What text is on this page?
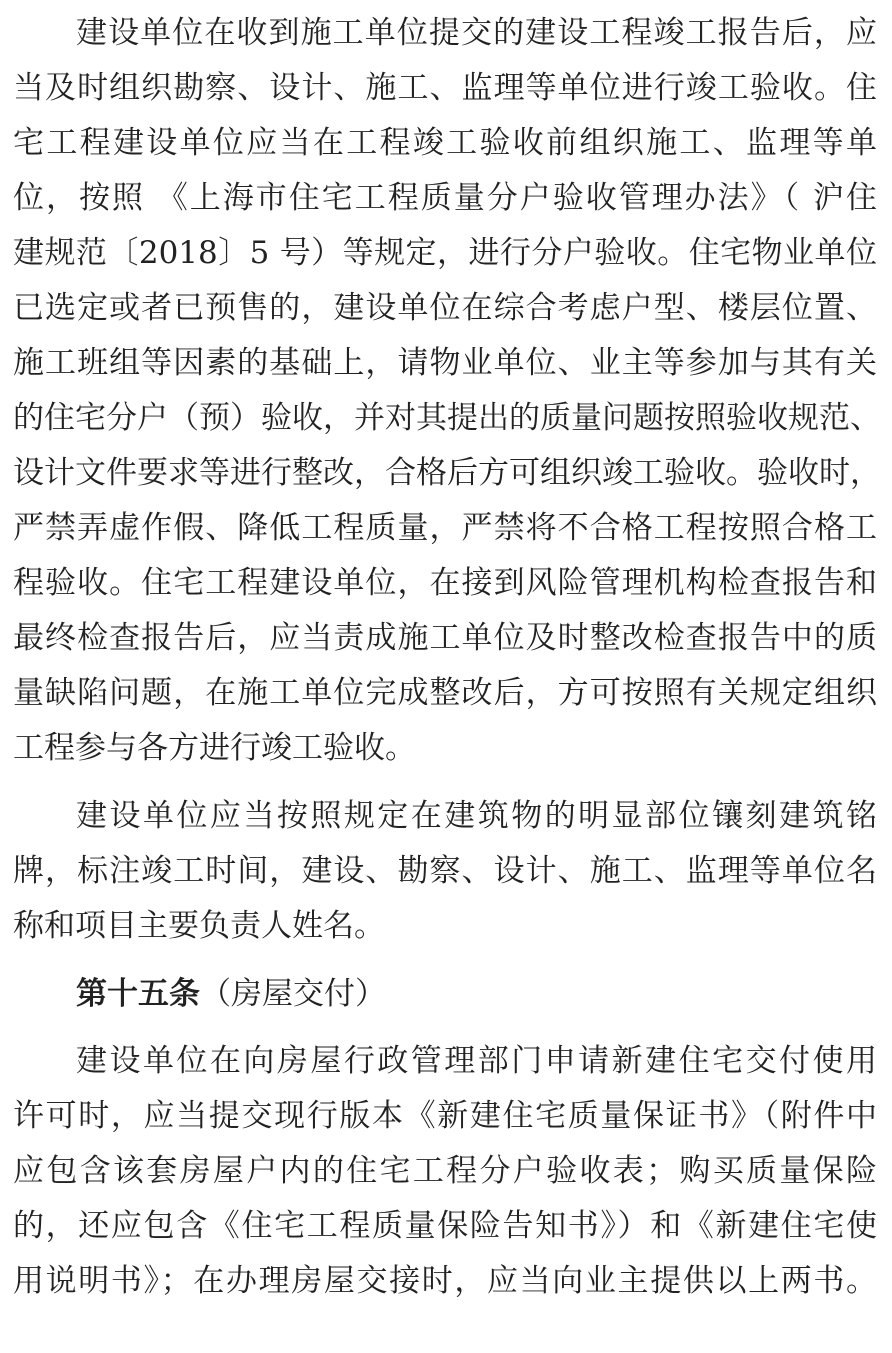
建设单位在收到施工单位提交的建设工程竣工报告后，应
当及时组织勘察、设计、施工、监理等单位进行竣工验收。住
宅工程建设单位应当在工程竣工验收前组织施工、监理等单
位，按照 《上海市住宅工程质量分户验收管理办法》（ 沪住
建规范〔2018〕5 号）等规定，进行分户验收。住宅物业单位
已选定或者已预售的，建设单位在综合考虑户型、楼层位置、
施工班组等因素的基础上，请物业单位、业主等参加与其有关
的住宅分户（预）验收，并对其提出的质量问题按照验收规范、
设计文件要求等进行整改，合格后方可组织竣工验收。验收时，
严禁弄虚作假、降低工程质量，严禁将不合格工程按照合格工
程验收。住宅工程建设单位，在接到风险管理机构检查报告和
最终检查报告后，应当责成施工单位及时整改检查报告中的质
量缺陷问题，在施工单位完成整改后，方可按照有关规定组织
工程参与各方进行竣工验收。
建设单位应当按照规定在建筑物的明显部位镶刻建筑铭
牌，标注竣工时间，建设、勘察、设计、施工、监理等单位名
称和项目主要负责人姓名。
第十五条（房屋交付）
建设单位在向房屋行政管理部门申请新建住宅交付使用
许可时，应当提交现行版本《新建住宅质量保证书》（附件中
应包含该套房屋户内的住宅工程分户验收表；购买质量保险
的，还应包含《住宅工程质量保险告知书》）和《新建住宅使
用说明书》；在办理房屋交接时，应当向业主提供以上两书。
